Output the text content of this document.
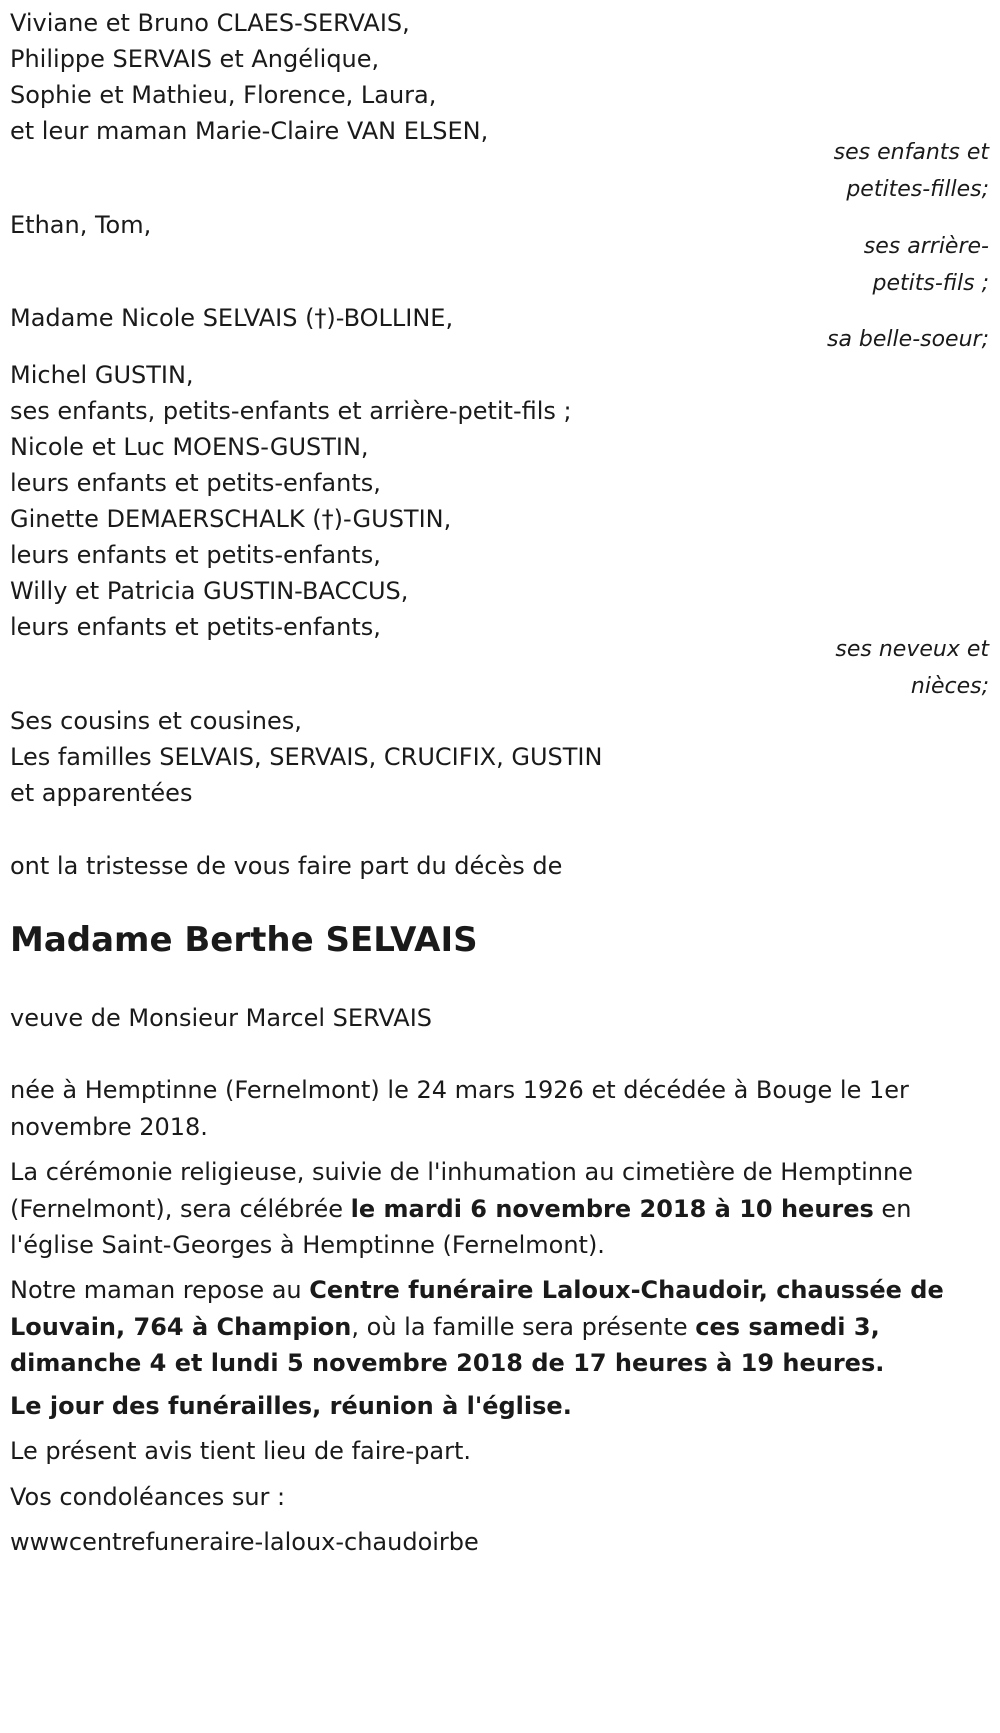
Viviane et Bruno CLAES-SERVAIS,
Philippe SERVAIS et Angélique,
Sophie et Mathieu, Florence, Laura,
et leur maman Marie-Claire VAN ELSEN,
ses enfants et
petites-filles;
Ethan, Tom,
ses arrière-
petits-fils ;
Madame Nicole SELVAIS (†)-BOLLINE,
sa belle-soeur;
Michel GUSTIN,
ses enfants, petits-enfants et arrière-petit-fils ;
Nicole et Luc MOENS-GUSTIN,
leurs enfants et petits-enfants,
Ginette DEMAERSCHALK (†)-GUSTIN,
leurs enfants et petits-enfants,
Willy et Patricia GUSTIN-BACCUS,
leurs enfants et petits-enfants,
ses neveux et
nièces;
Ses cousins et cousines,
Les familles SELVAIS, SERVAIS, CRUCIFIX, GUSTIN
et apparentées
ont la tristesse de vous faire part du décès de
Madame Berthe SELVAIS
veuve de Monsieur Marcel SERVAIS
née à Hemptinne (Fernelmont) le 24 mars 1926 et décédée à Bouge le 1er novembre 2018.
La cérémonie religieuse, suivie de l'inhumation au cimetière de Hemptinne (Fernelmont), sera célébrée le mardi 6 novembre 2018 à 10 heures en l'église Saint-Georges à Hemptinne (Fernelmont).
Notre maman repose au Centre funéraire Laloux-Chaudoir, chaussée de Louvain, 764 à Champion, où la famille sera présente ces samedi 3, dimanche 4 et lundi 5 novembre 2018 de 17 heures à 19 heures.
Le jour des funérailles, réunion à l'église.
Le présent avis tient lieu de faire-part.
Vos condoléances sur :
wwwcentrefuneraire-laloux-chaudoirbe
